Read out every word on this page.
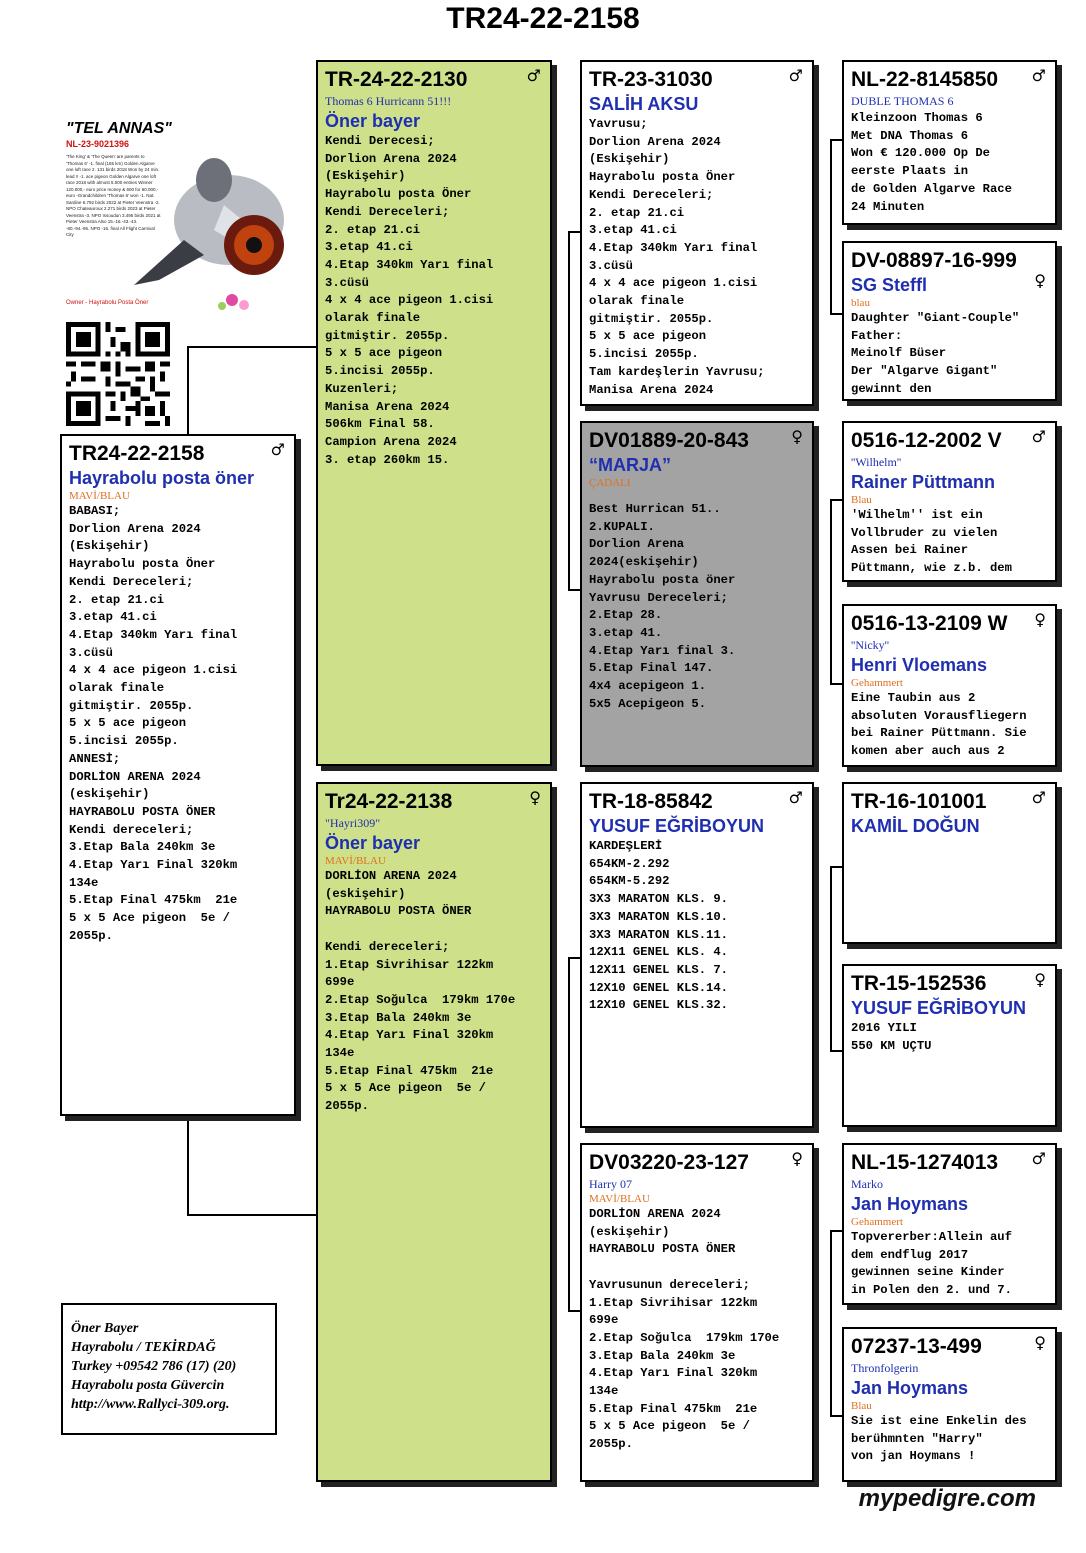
TR24-22-2158
"TEL ANNAS"
NL-23-9021396
'The King' & 'The Queen' are parents to 'Thomas 6' -1. final (165 km) Golden Algarve one loft race 2. 131 birds 2018 Won by 24 min. lead !! -1. ace pigeon Golden Algarve one loft race 2018 with almost 5.000 entries Winner 120.000,- euro price money & 600 for 60.000,- euro -Grandchildren 'Thomas 6' won -1. Nat. Sardine 6.792 birds 2022 at Pieter Veenstra -2. NPO Chateauroux 2.271 birds 2023 at Pieter Veenstra -3. NPO Issoudun 3.495 birds 2021 at Pieter Veenstra Also 15.-16.-43.-43. -80.-94.-95. NPO -16. final All Flight Carnival City
Owner - Hayrabolu Posta Öner
TR24-22-2158	♂
Hayrabolu posta öner
MAVİ/BLAU
BABASI;
Dorlion Arena 2024
(Eskişehir)
Hayrabolu posta Öner
Kendi Dereceleri;
2. etap 21.ci
3.etap 41.ci
4.Etap 340km Yarı final
3.cüsü
4 x 4 ace pigeon 1.cisi
olarak finale
gitmiştir. 2055p.
5 x 5 ace pigeon
5.incisi 2055p.
ANNESİ;
DORLİON ARENA 2024
(eskişehir)
HAYRABOLU POSTA ÖNER
Kendi dereceleri;
3.Etap Bala 240km 3e
4.Etap Yarı Final 320km
134e
5.Etap Final 475km  21e
5 x 5 Ace pigeon  5e /
2055p.
TR-24-22-2130	♂
Thomas 6 Hurricann 51!!!
Öner bayer
Kendi Derecesi;
Dorlion Arena 2024
(Eskişehir)
Hayrabolu posta Öner
Kendi Dereceleri;
2. etap 21.ci
3.etap 41.ci
4.Etap 340km Yarı final
3.cüsü
4 x 4 ace pigeon 1.cisi
olarak finale
gitmiştir. 2055p.
5 x 5 ace pigeon
5.incisi 2055p.
Kuzenleri;
Manisa Arena 2024
506km Final 58.
Campion Arena 2024
3. etap 260km 15.
Tr24-22-2138	♀
"Hayri309"
Öner bayer
MAVİ/BLAU
DORLİON ARENA 2024
(eskişehir)
HAYRABOLU POSTA ÖNER

Kendi dereceleri;
1.Etap Sivrihisar 122km
699e
2.Etap Soğulca  179km 170e
3.Etap Bala 240km 3e
4.Etap Yarı Final 320km
134e
5.Etap Final 475km  21e
5 x 5 Ace pigeon  5e /
2055p.
TR-23-31030	♂
SALİH AKSU
Yavrusu;
Dorlion Arena 2024
(Eskişehir)
Hayrabolu posta Öner
Kendi Dereceleri;
2. etap 21.ci
3.etap 41.ci
4.Etap 340km Yarı final
3.cüsü
4 x 4 ace pigeon 1.cisi
olarak finale
gitmiştir. 2055p.
5 x 5 ace pigeon
5.incisi 2055p.
Tam kardeşlerin Yavrusu;
Manisa Arena 2024
DV01889-20-843	♀
“MARJA”
ÇADALI
Best Hurrican 51..
2.KUPALI.
Dorlion Arena
2024(eskişehir)
Hayrabolu posta öner
Yavrusu Dereceleri;
2.Etap 28.
3.etap 41.
4.Etap Yarı final 3.
5.Etap Final 147.
4x4 acepigeon 1.
5x5 Acepigeon 5.
TR-18-85842	♂
YUSUF EĞRİBOYUN
KARDEŞLERİ
654KM-2.292
654KM-5.292
3X3 MARATON KLS. 9.
3X3 MARATON KLS.10.
3X3 MARATON KLS.11.
12X11 GENEL KLS. 4.
12X11 GENEL KLS. 7.
12X10 GENEL KLS.14.
12X10 GENEL KLS.32.
DV03220-23-127	♀
Harry 07
MAVİ/BLAU
DORLİON ARENA 2024
(eskişehir)
HAYRABOLU POSTA ÖNER

Yavrusunun dereceleri;
1.Etap Sivrihisar 122km
699e
2.Etap Soğulca  179km 170e
3.Etap Bala 240km 3e
4.Etap Yarı Final 320km
134e
5.Etap Final 475km  21e
5 x 5 Ace pigeon  5e /
2055p.
NL-22-8145850	♂
DUBLE THOMAS 6
Kleinzoon Thomas 6
Met DNA Thomas 6
Won € 120.000 Op De
eerste Plaats in
de Golden Algarve Race
24 Minuten
DV-08897-16-999
♀
SG Steffl
blau
Daughter "Giant-Couple"
Father:
Meinolf Büser
Der "Algarve Gigant"
gewinnt den
0516-12-2002 V	♂
''Wilhelm''
Rainer Püttmann
Blau
'Wilhelm'' ist ein
Vollbruder zu vielen
Assen bei Rainer
Püttmann, wie z.b. dem
0516-13-2109 W	♀
''Nicky''
Henri Vloemans
Gehammert
Eine Taubin aus 2
absoluten Vorausfliegern
bei Rainer Püttmann. Sie
komen aber auch aus 2
TR-16-101001	♂
KAMİL DOĞUN
TR-15-152536	♀
YUSUF EĞRİBOYUN
2016 YILI
550 KM UÇTU
NL-15-1274013	♂
Marko
Jan Hoymans
Gehammert
Topvererber:Allein auf
dem endflug 2017
gewinnen seine Kinder
in Polen den 2. und 7.
07237-13-499	♀
Thronfolgerin
Jan Hoymans
Blau
Sie ist eine Enkelin des
berühmnten "Harry"
von jan Hoymans !
Öner Bayer
Hayrabolu / TEKİRDAĞ
Turkey +09542 786 (17) (20)
Hayrabolu posta Güvercin
http://www.Rallyci-309.org.
mypedigre.com
